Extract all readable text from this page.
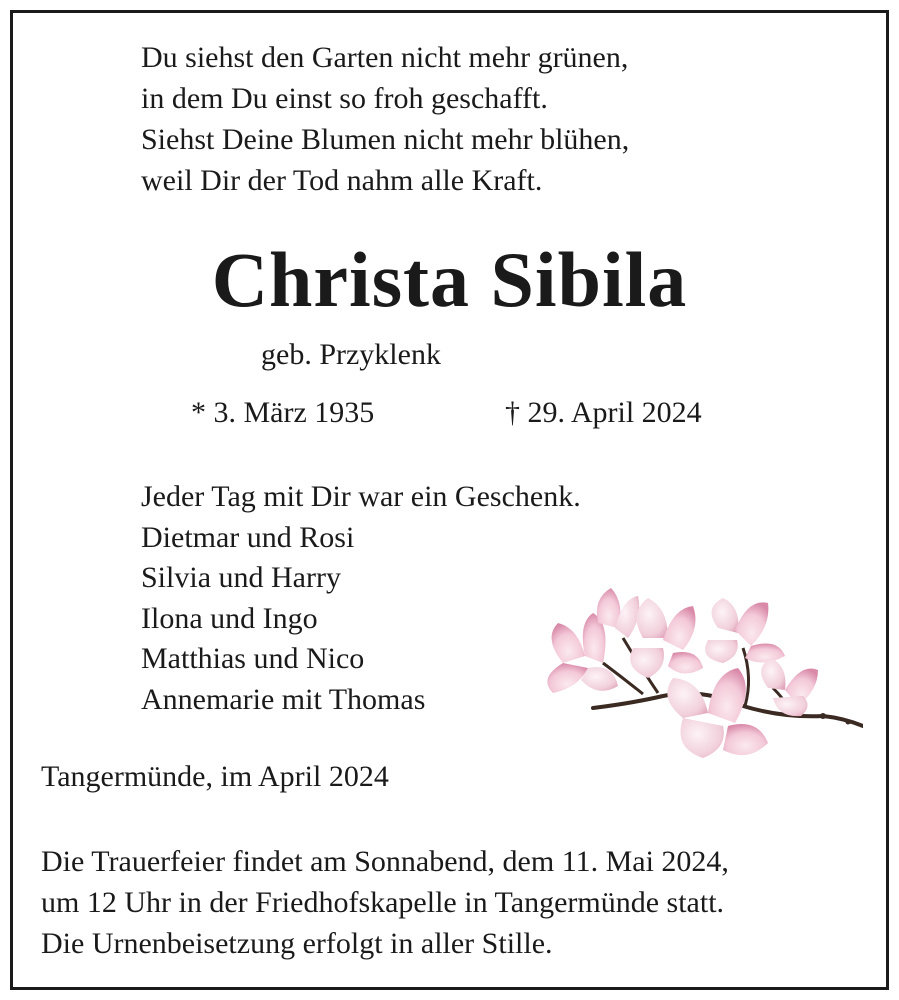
Du siehst den Garten nicht mehr grünen,
in dem Du einst so froh geschafft.
Siehst Deine Blumen nicht mehr blühen,
weil Dir der Tod nahm alle Kraft.
Christa Sibila
geb. Przyklenk
* 3. März 1935	† 29. April 2024
Jeder Tag mit Dir war ein Geschenk.
Dietmar und Rosi
Silvia und Harry
Ilona und Ingo
Matthias und Nico
Annemarie mit Thomas
Tangermünde, im April 2024
Die Trauerfeier findet am Sonnabend, dem 11. Mai 2024,
um 12 Uhr in der Friedhofskapelle in Tangermünde statt.
Die Urnenbeisetzung erfolgt in aller Stille.
